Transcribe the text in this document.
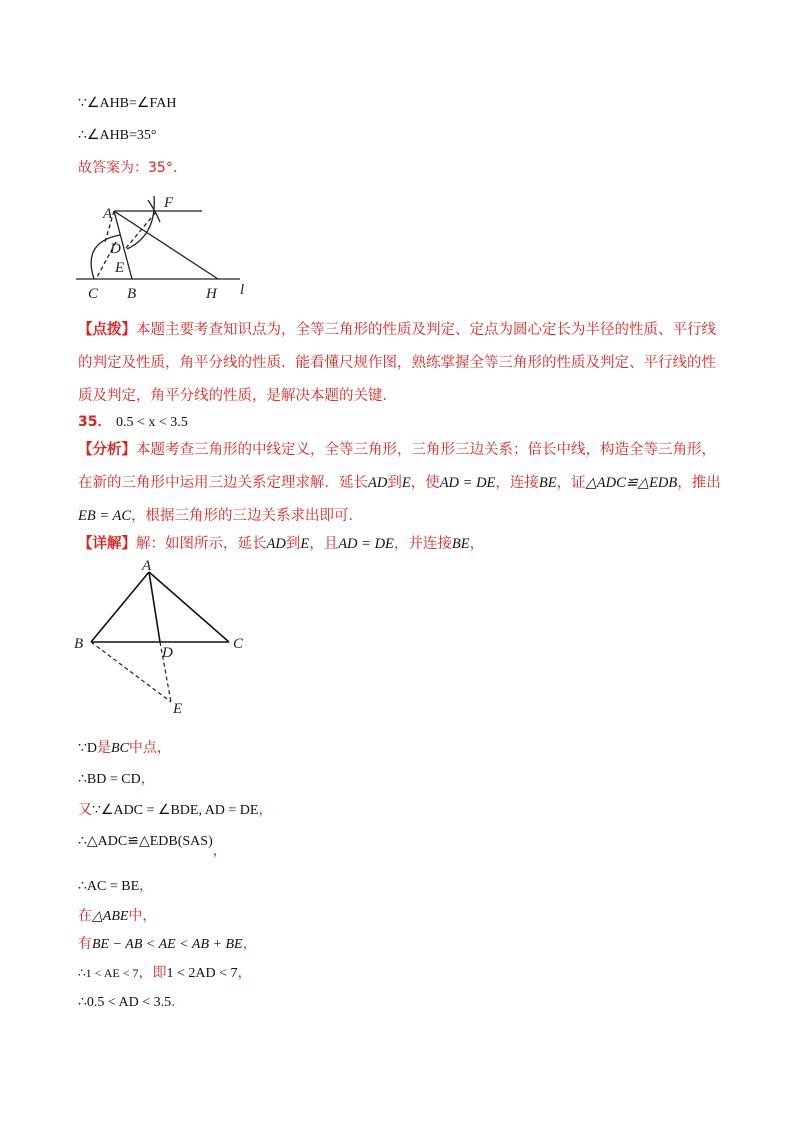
∵∠AHB=∠FAH
∴∠AHB=35°
故答案为：35°．
A
F
D
E
C B	H l
【点拨】本题主要考查知识点为，全等三角形的性质及判定、定点为圆心定长为半径的性质、平行线的判定及性质，角平分线的性质．能看懂尺规作图，熟练掌握全等三角形的性质及判定、平行线的性质及判定，角平分线的性质，是解决本题的关键．
35． 0.5 < x < 3.5
【分析】本题考查三角形的中线定义，全等三角形，三角形三边关系；倍长中线，构造全等三角形，在新的三角形中运用三边关系定理求解．延长AD到E，使AD = DE，连接BE，证△ADC≌△EDB，推出EB = AC，根据三角形的三边关系求出即可．
【详解】解：如图所示，延长AD到E，且AD = DE，并连接BE，
A
B
D
C
E
∵D是BC中点，
∴BD = CD，
又∵∠ADC = ∠BDE, AD = DE，
∴△ADC≌△EDB(SAS)，
∴AC = BE，
在△ABE中，
有BE − AB < AE < AB + BE，
∴1 < AE < 7，即1 < 2AD < 7，
∴0.5 < AD < 3.5．
